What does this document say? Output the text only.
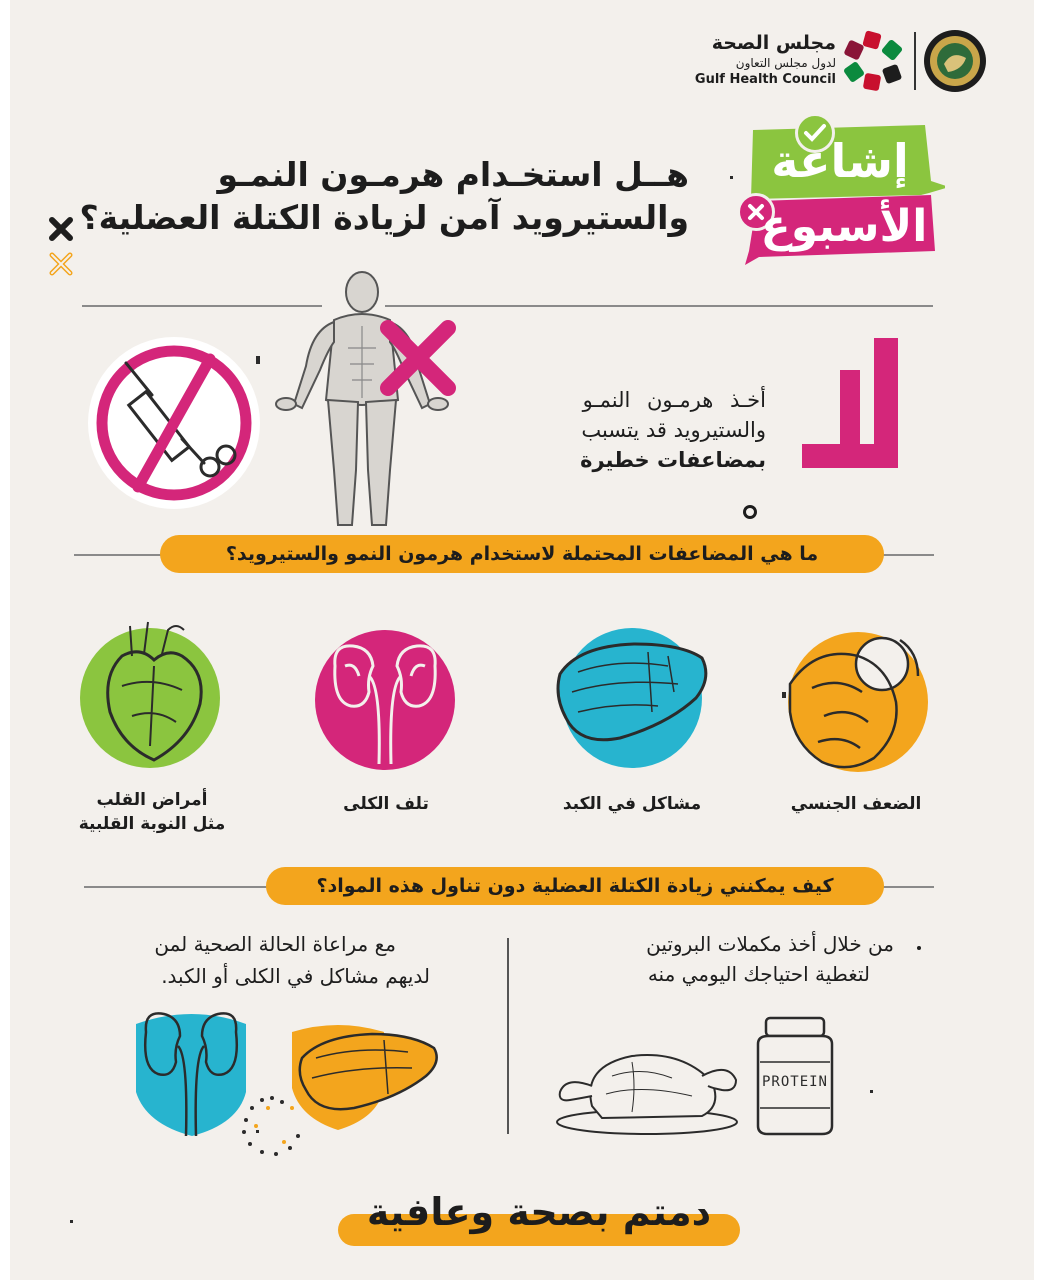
مجلس الصحة
لدول مجلس التعاون
Gulf Health Council
إشاعة
الأسبوع
هــل استخـدام هرمـون النمـو
والستيرويد آمن لزيادة الكتلة العضلية؟
أخـذ هرمـون النمـو
والستيرويد قد يتسبب
بمضاعفات خطيرة
ما هي المضاعفات المحتملة لاستخدام هرمون النمو والستيرويد؟
الضعف الجنسي
مشاكل في الكبد
تلف الكلى
أمراض القلب
مثل النوبة القلبية
كيف يمكنني زيادة الكتلة العضلية دون تناول هذه المواد؟
من خلال أخذ مكملات البروتين
لتغطية احتياجك اليومي منه
مع مراعاة الحالة الصحية لمن
لديهم مشاكل في الكلى أو الكبد.
PROTEIN
دمتم بصحة وعافية
